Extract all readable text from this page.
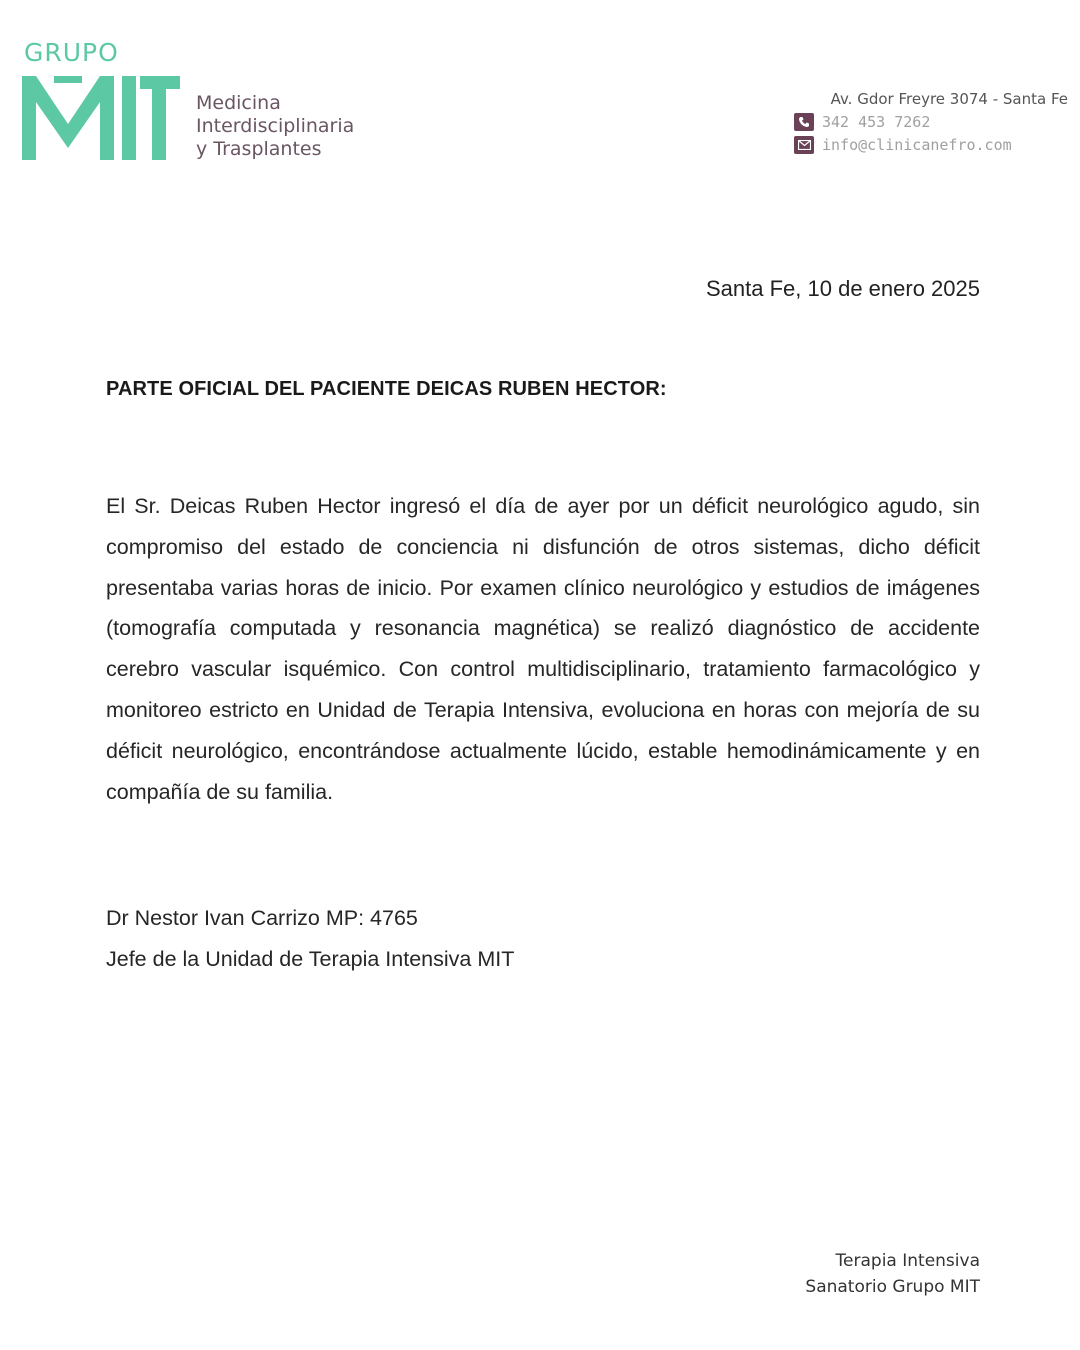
GRUPO
Medicina
Interdisciplinaria
y Trasplantes
Av. Gdor Freyre 3074 - Santa Fe
342 453 7262
info@clinicanefro.com
Santa Fe, 10 de enero 2025
PARTE OFICIAL DEL PACIENTE DEICAS RUBEN HECTOR:
El Sr. Deicas Ruben Hector ingresó el día de ayer por un déficit neurológico agudo, sin compromiso del estado de conciencia ni disfunción de otros sistemas, dicho déficit presentaba varias horas de inicio. Por examen clínico neurológico y estudios de imágenes (tomografía computada y resonancia magnética) se realizó diagnóstico de accidente cerebro vascular isquémico. Con control multidisciplinario, tratamiento farmacológico y monitoreo estricto en Unidad de Terapia Intensiva, evoluciona en horas con mejoría de su déficit neurológico, encontrándose actualmente lúcido, estable hemodinámicamente y en compañía de su familia.
Dr Nestor Ivan Carrizo MP: 4765
Jefe de la Unidad de Terapia Intensiva MIT
Terapia Intensiva
Sanatorio Grupo MIT
